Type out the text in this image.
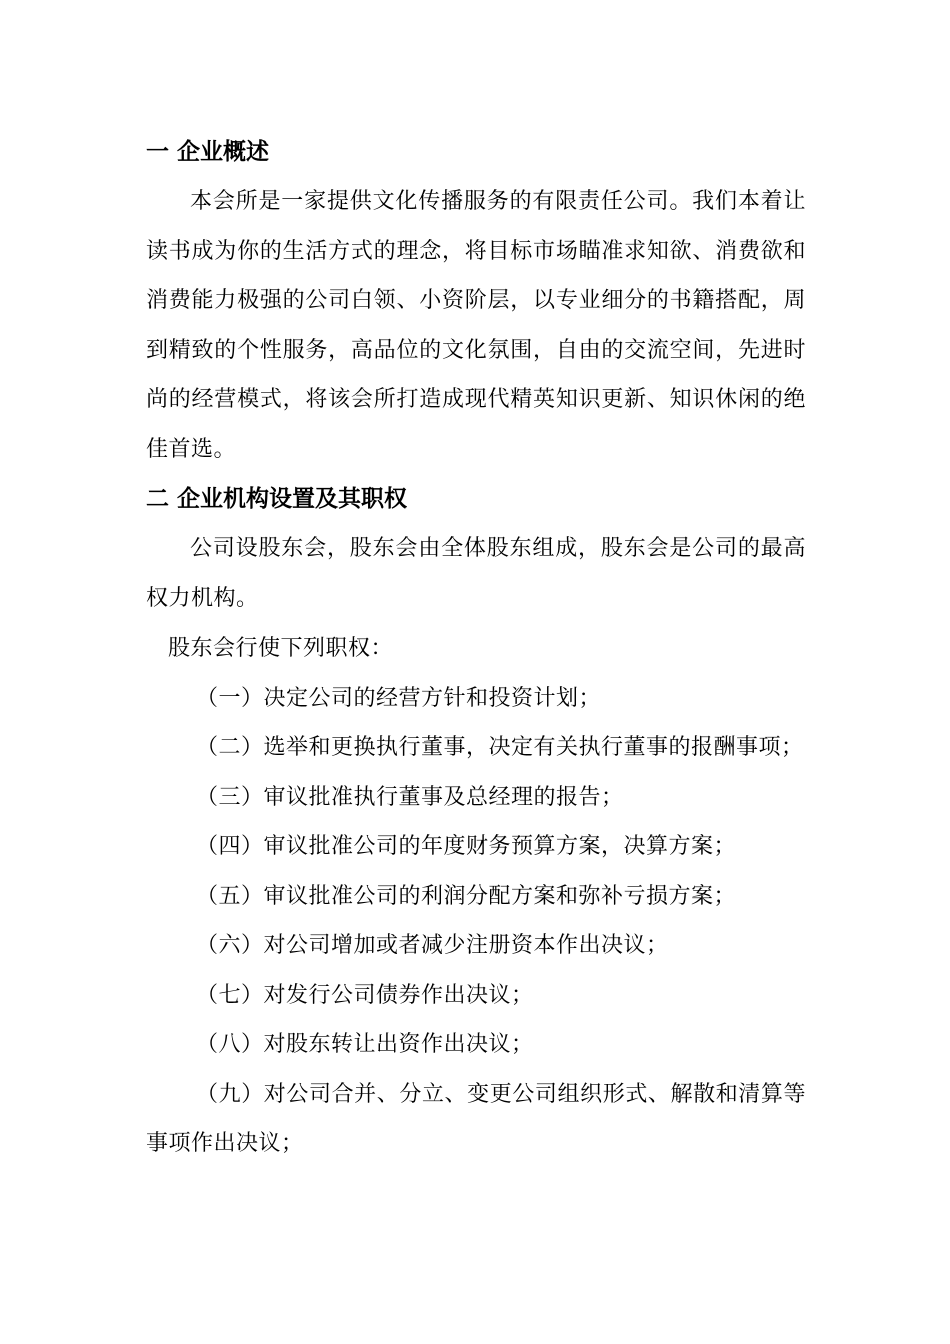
一 企业概述

本会所是一家提供文化传播服务的有限责任公司。我们本着让读书成为你的生活方式的理念，将目标市场瞄准求知欲、消费欲和消费能力极强的公司白领、小资阶层，以专业细分的书籍搭配，周到精致的个性服务，高品位的文化氛围，自由的交流空间，先进时尚的经营模式，将该会所打造成现代精英知识更新、知识休闲的绝佳首选。

二 企业机构设置及其职权

公司设股东会，股东会由全体股东组成，股东会是公司的最高权力机构。

股东会行使下列职权：

（一）决定公司的经营方针和投资计划；

（二）选举和更换执行董事，决定有关执行董事的报酬事项；

（三）审议批准执行董事及总经理的报告；

（四）审议批准公司的年度财务预算方案，决算方案；

（五）审议批准公司的利润分配方案和弥补亏损方案；

（六）对公司增加或者减少注册资本作出决议；

（七）对发行公司债券作出决议；

（八）对股东转让出资作出决议；

（九）对公司合并、分立、变更公司组织形式、解散和清算等事项作出决议；
